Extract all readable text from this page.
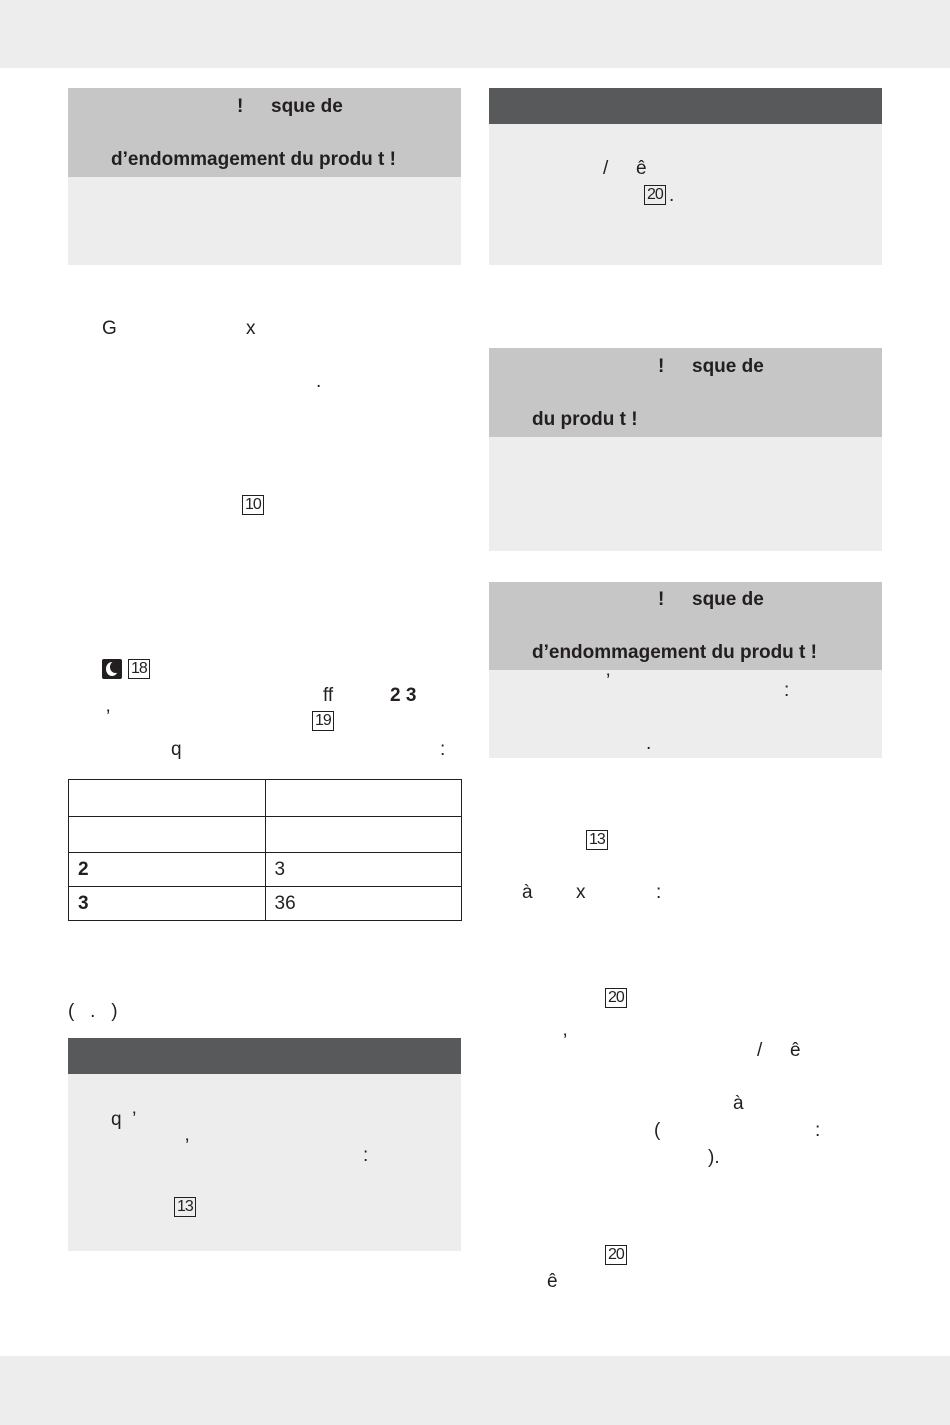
! sque de
d’endommagement du produ t !
G	x
.
10
18
ff	2 3
’	19
q	:

2	3
3	36
(   .   )
q  ’
’	:
13
/ ê
20 .
! sque de
du produ t !
! sque de
d’endommagement du produ t !
’	:
.
13
à x	:
20
’	/ ê
à
(	:
).
20
ê
